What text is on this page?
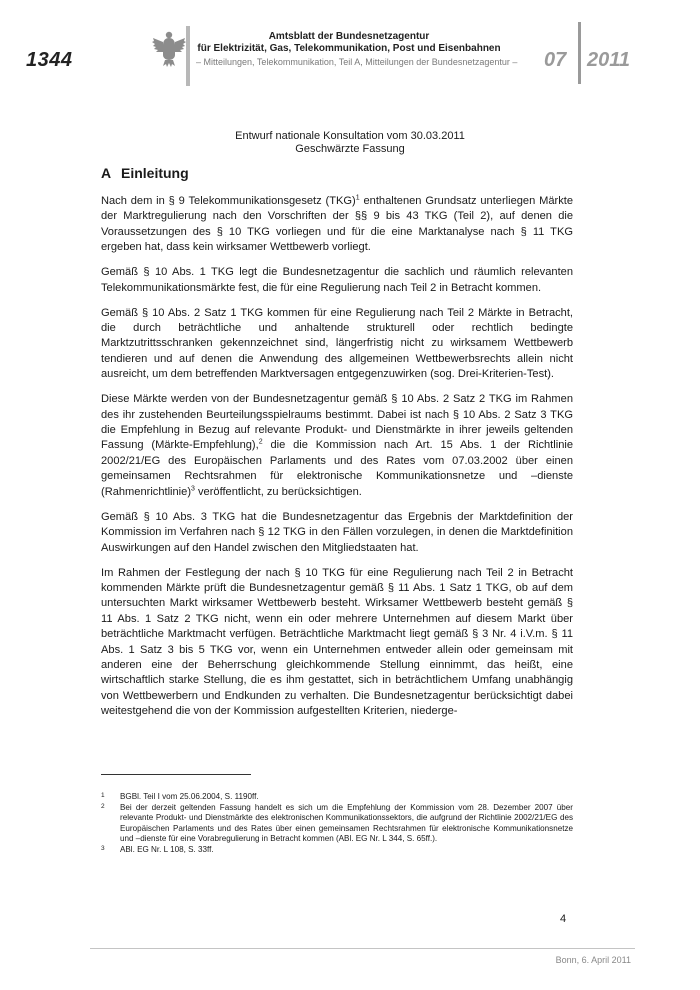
1344
Amtsblatt der Bundesnetzagentur
für Elektrizität, Gas, Telekommunikation, Post und Eisenbahnen
– Mitteilungen, Telekommunikation, Teil A, Mitteilungen der Bundesnetzagentur –	07 2011
Entwurf nationale Konsultation vom 30.03.2011
Geschwärzte Fassung
A Einleitung

Nach dem in § 9 Telekommunikationsgesetz (TKG)$^1$ enthaltenen Grundsatz unterliegen Märkte der Marktregulierung nach den Vorschriften der §§ 9 bis 43 TKG (Teil 2), auf denen die Voraussetzungen des § 10 TKG vorliegen und für die eine Marktanalyse nach § 11 TKG ergeben hat, dass kein wirksamer Wettbewerb vorliegt.

Gemäß § 10 Abs. 1 TKG legt die Bundesnetzagentur die sachlich und räumlich relevanten Telekommunikationsmärkte fest, die für eine Regulierung nach Teil 2 in Betracht kommen.

Gemäß § 10 Abs. 2 Satz 1 TKG kommen für eine Regulierung nach Teil 2 Märkte in Betracht, die durch beträchtliche und anhaltende strukturell oder rechtlich bedingte Marktzutrittsschranken gekennzeichnet sind, längerfristig nicht zu wirksamem Wettbewerb tendieren und auf denen die Anwendung des allgemeinen Wettbewerbsrechts allein nicht ausreicht, um dem betreffenden Marktversagen entgegenzuwirken (sog. Drei-Kriterien-Test).

Diese Märkte werden von der Bundesnetzagentur gemäß § 10 Abs. 2 Satz 2 TKG im Rahmen des ihr zustehenden Beurteilungsspielraums bestimmt. Dabei ist nach § 10 Abs. 2 Satz 3 TKG die Empfehlung in Bezug auf relevante Produkt- und Dienstmärkte in ihrer jeweils geltenden Fassung (Märkte-Empfehlung),$^2$ die die Kommission nach Art. 15 Abs. 1 der Richtlinie 2002/21/EG des Europäischen Parlaments und des Rates vom 07.03.2002 über einen gemeinsamen Rechtsrahmen für elektronische Kommunikationsnetze und –dienste (Rahmenrichtlinie)$^3$ veröffentlicht, zu berücksichtigen.

Gemäß § 10 Abs. 3 TKG hat die Bundesnetzagentur das Ergebnis der Marktdefinition der Kommission im Verfahren nach § 12 TKG in den Fällen vorzulegen, in denen die Marktdefinition Auswirkungen auf den Handel zwischen den Mitgliedstaaten hat.

Im Rahmen der Festlegung der nach § 10 TKG für eine Regulierung nach Teil 2 in Betracht kommenden Märkte prüft die Bundesnetzagentur gemäß § 11 Abs. 1 Satz 1 TKG, ob auf dem untersuchten Markt wirksamer Wettbewerb besteht. Wirksamer Wettbewerb besteht gemäß § 11 Abs. 1 Satz 2 TKG nicht, wenn ein oder mehrere Unternehmen auf diesem Markt über beträchtliche Marktmacht verfügen. Beträchtliche Marktmacht liegt gemäß § 3 Nr. 4 i.V.m. § 11 Abs. 1 Satz 3 bis 5 TKG vor, wenn ein Unternehmen entweder allein oder gemeinsam mit anderen eine der Beherrschung gleichkommende Stellung einnimmt, das heißt, eine wirtschaftlich starke Stellung, die es ihm gestattet, sich in beträchtlichem Umfang unabhängig von Wettbewerbern und Endkunden zu verhalten. Die Bundesnetzagentur berücksichtigt dabei weitestgehend die von der Kommission aufgestellten Kriterien, niederge-

1	BGBl. Teil I vom 25.06.2004, S. 1190ff.
2	Bei der derzeit geltenden Fassung handelt es sich um die Empfehlung der Kommission vom 28. Dezember 2007 über relevante Produkt- und Dienstmärkte des elektronischen Kommunikationssektors, die aufgrund der Richtlinie 2002/21/EG des Europäischen Parlaments und des Rates über einen gemeinsamen Rechtsrahmen für elektronische Kommunikationsnetze und –dienste für eine Vorabregulierung in Betracht kommen (ABl. EG Nr. L 344, S. 65ff.).
3	ABl. EG Nr. L 108, S. 33ff.
4
Bonn, 6. April 2011
